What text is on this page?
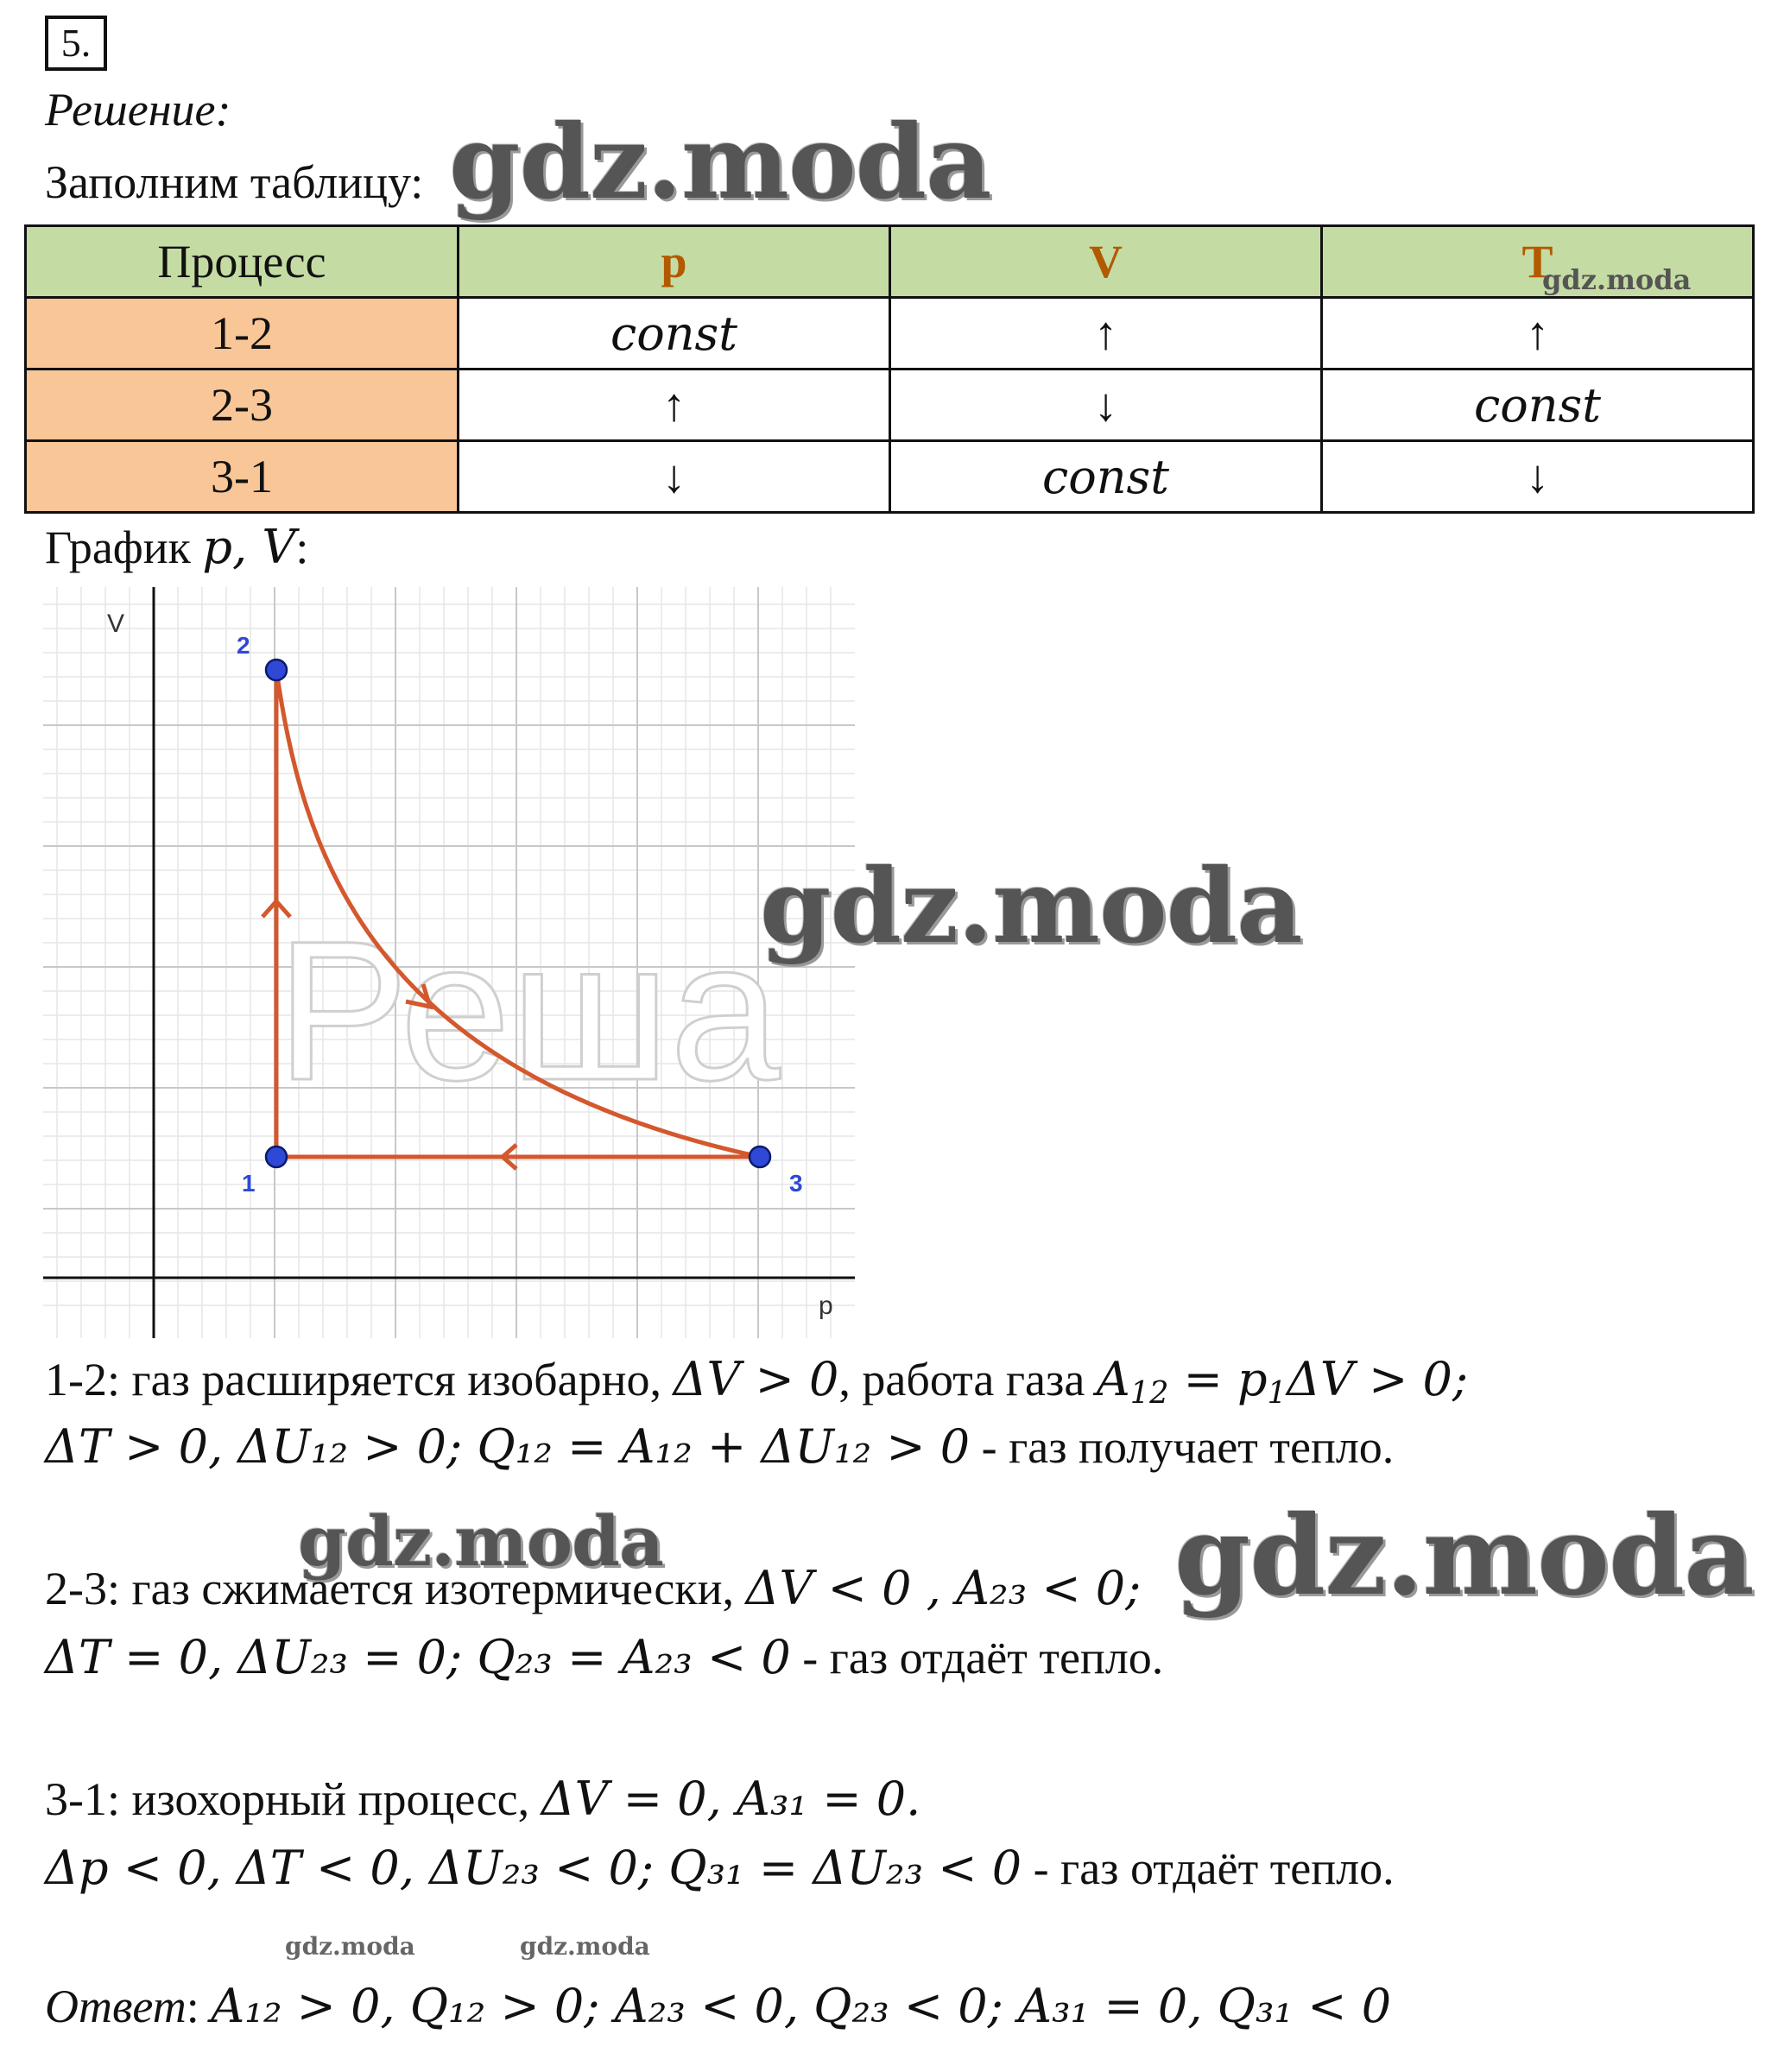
5.
Решение:
Заполним таблицу: gdz.moda
Процесс	p	V	T
gdz.moda

1-2	const	↑	↑
2-3	↑	↓	const
3-1	↓	const	↓
График p, V:
Реша
V
p
1
2
3
gdz.moda
1-2: газ расширяется изобарно, ΔV > 0, работа газа $A_{12} = p_1\Delta V > 0$;
ΔT > 0, ΔU₁₂ > 0; Q₁₂ = A₁₂ + ΔU₁₂ > 0 - газ получает тепло.
gdz.moda	gdz.moda
2-3: газ сжимается изотермически, ΔV < 0 , A₂₃ < 0;
ΔT = 0, ΔU₂₃ = 0; Q₂₃ = A₂₃ < 0 - газ отдаёт тепло.
3-1: изохорный процесс, ΔV = 0, A₃₁ = 0.
Δp < 0, ΔT < 0, ΔU₂₃ < 0; Q₃₁ = ΔU₂₃ < 0 - газ отдаёт тепло.
gdz.moda	gdz.moda
Ответ: A₁₂ > 0, Q₁₂ > 0; A₂₃ < 0, Q₂₃ < 0; A₃₁ = 0, Q₃₁ < 0
